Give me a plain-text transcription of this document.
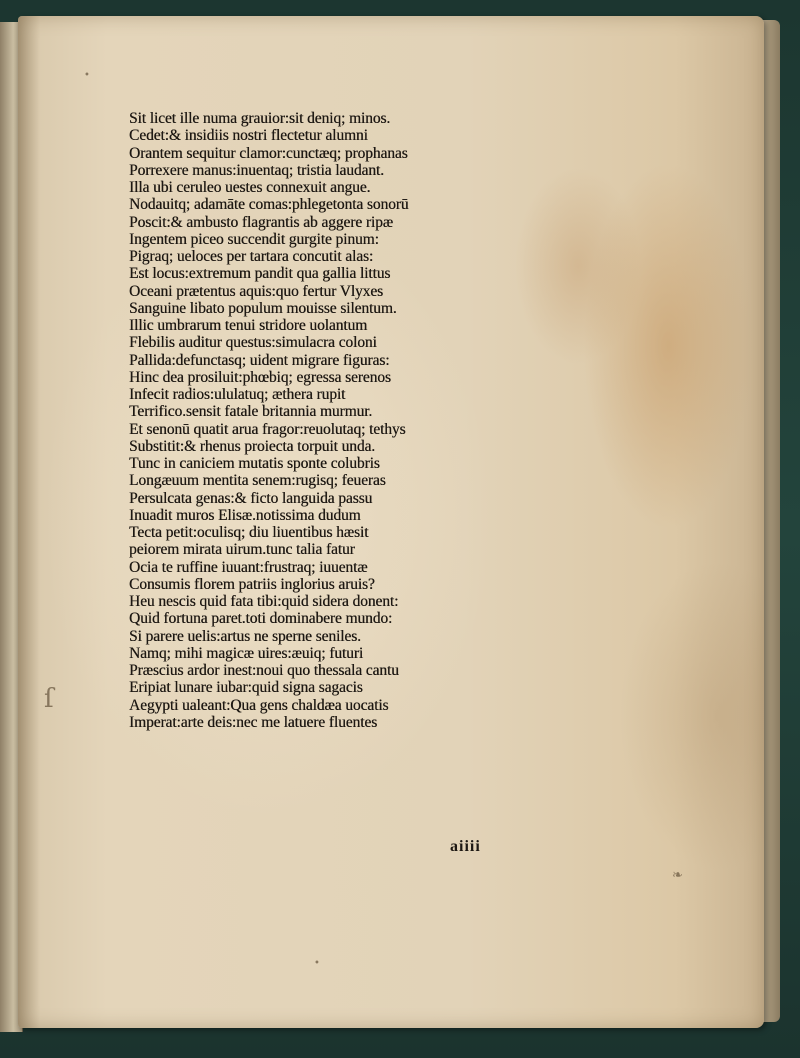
•
ſ
❧
•
Sit licet ille numa grauior:sit deniq; minos.
Cedet:& insidiis nostri flectetur alumni
Orantem sequitur clamor:cunctæq; prophanas
Porrexere manus:inuentaq; tristia laudant.
Illa ubi ceruleo uestes connexuit angue.
Nodauitq; adamāte comas:phlegetonta sonorū
Poscit:& ambusto flagrantis ab aggere ripæ
Ingentem piceo succendit gurgite pinum:
Pigraq; ueloces per tartara concutit alas:
Est locus:extremum pandit qua gallia littus
Oceani prætentus aquis:quo fertur Vlyxes
Sanguine libato populum mouisse silentum.
Illic umbrarum tenui stridore uolantum
Flebilis auditur questus:simulacra coloni
Pallida:defunctasq; uident migrare figuras:
Hinc dea prosiluit:phœbiq; egressa serenos
Infecit radios:ululatuq; æthera rupit
Terrifico.sensit fatale britannia murmur.
Et senonū quatit arua fragor:reuolutaq; tethys
Substitit:& rhenus proiecta torpuit unda.
Tunc in caniciem mutatis sponte colubris
Longæuum mentita senem:rugisq; feueras
Persulcata genas:& ficto languida passu
Inuadit muros Elisæ.notissima dudum
Tecta petit:oculisq; diu liuentibus hæsit
peiorem mirata uirum.tunc talia fatur
Ocia te ruffine iuuant:frustraq; iuuentæ
Consumis florem patriis inglorius aruis?
Heu nescis quid fata tibi:quid sidera donent:
Quid fortuna paret.toti dominabere mundo:
Si parere uelis:artus ne sperne seniles.
Namq; mihi magicæ uires:æuiq; futuri
Præscius ardor inest:noui quo thessala cantu
Eripiat lunare iubar:quid signa sagacis
Aegypti ualeant:Qua gens chaldæa uocatis
Imperat:arte deis:nec me latuere fluentes
aiiii
